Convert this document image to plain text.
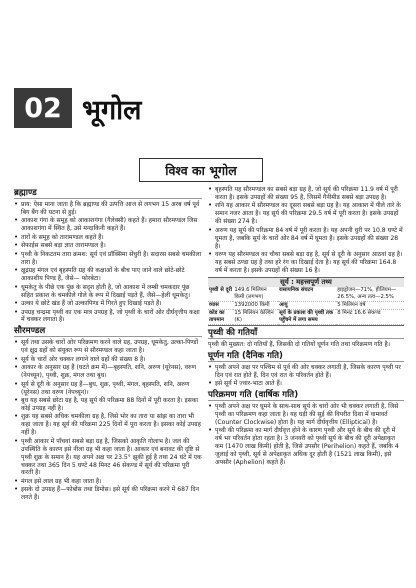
02 भूगोल
विश्व का भूगोल
ब्रह्माण्ड
• प्राय: ऐसा माना जाता है कि ब्रह्माण्ड की उत्पत्ति आज से लगभग 15 अरब वर्ष पूर्व बिग बैंग की घटना से हुई।
• आकाश गंगा के समूह को आकाशगंगा (गैलेक्सी) कहते हैं। हमारा सौरमण्डल जिस आकाशगंगा में स्थित है, उसे मन्दाकिनी कहते हैं।
• तारों के समूह को तारामण्डल कहते हैं।
• सेफाईस सबसे बड़ा ज्ञात तारामण्डल है।
• पृथ्वी के निकटतम तारा क्रमश: सूर्य एवं प्रॉक्सिमा सेंचुरी है। सदारस सबसे चमकीला तारा है।
• क्षुद्रग्रह मंगल एवं बृहस्पति ग्रह की कक्षाओं के बीच पाए जाने वाले छोटे-छोटे आकाशीय पिण्ड हैं, जैसे— फोरबेटा।
• धूमकेतु के पीछे एक पूंछ के सदृश होती है, जो आकाश में लम्बी चमकदार पूंछ सहित प्रकाश के चमकीले गोले के रूप में दिखाई पड़ते हैं, जैसे—हेली धूमकेतु।
• उल्का ये छोटे खंड हैं जो उल्कापिण्ड में गिरते हुए दिखाई पड़ते हैं।
• उपग्रह चन्द्रमा पृथ्वी का एक मात्र उपग्रह है, जो पृथ्वी के चारों ओर दीर्घवृत्तीय कक्षा में चक्कर लगाता है।
सौरमण्डल
• सूर्य तथा उसके चारों ओर परिक्रमण करने वाले ग्रह, उपग्रह, धूमकेतु, उल्का-पिण्डों एवं क्षुद्र ग्रहों को संयुक्त रूप से सौरमण्डल कहा जाता है।
• सूर्य के चारों ओर चक्कर लगाने वाले ग्रहों की संख्या 8 है।
• आकार के अनुसार ग्रह हैं (घटते क्रम में)—बृहस्पति, शनि, अरुण (यूरेनस), वरुण (नेपच्यून), पृथ्वी, शुक्र, मंगल तथा बुध।
• सूर्य से दूरी के अनुसार ग्रह हैं—बुध, शुक्र, पृथ्वी, मंगल, बृहस्पति, शनि, अरुण (यूरेनस) तथा वरुण (नेपच्यून)।
• बुध यह सबसे छोटा ग्रह है, यह सूर्य की परिक्रमा 88 दिनों में पूरी करता है। इसका कोई उपग्रह नहीं है।
• शुक्र यह सबसे अधिक चमकीला ग्रह है, जिसे भोर का तारा या सांझ का तारा भी कहा जाता है। यह सूर्य की परिक्रमा 225 दिनों में पूरा करता है। इसका कोई उपग्रह नहीं है।
• पृथ्वी आकार में पाँचवां सबसे बड़ा ग्रह है, जिसको आकृति गोलाभ है। जल की उपस्थिति के कारण इसे नीला ग्रह भी कहा जाता है। आकार एवं बनावट की दृष्टि से पृथ्वी शुक्र के समान है। यह अपने अक्ष पर 23.5° झुकी हुई है तथा 24 घंटे में एक चक्कर तथा 365 दिन 5 घण्टे 48 मिनट 46 सेकण्ड में सूर्य की परिक्रमा पूरी करती है।
• मंगल इसे लाल ग्रह भी कहा जाता है।
• इसके दो उपग्रह हैं—फोबोस तथा डिमोस। इसे सूर्य की परिक्रमा करने में 687 दिन लगते हैं।
• बृहस्पति यह सौरमण्डल का सबसे बड़ा ग्रह है, जो सूर्य की परिक्रमा 11.9 वर्ष में पूरी करता है। इसके उपग्रहों की संख्या 95 है, जिसमें गैनीमीड सबसे बड़ा उपग्रह है।
• शनि यह आकार में सौरमण्डल का दूसरा सबसे बड़ा ग्रह है। यह आकाश में पीले तारे के समान नजर आता है। यह सूर्य की परिक्रमा 29.5 वर्ष में पूरी करता है। इसके उपग्रहों की संख्या 274 है।
• अरुण यह सूर्य की परिक्रमा 84 वर्ष में पूरी करता है। यह अपनी धुरी पर 10.8 घण्टे में घूमता है, जबकि सूर्य के चारों ओर 84 वर्ष में घूमता है। इसके उपग्रहों की संख्या 28 है।
• वरुण यह सौरमण्डल का चौथा सबसे बड़ा ग्रह है, सूर्य से दूरी के अनुसार आठवां ग्रह है। यह सबसे ठण्डा ग्रह है तथा हरे रंग का दिखाई देता है। यह सूर्य की परिक्रमा 164.8 वर्ष में करता है। इसके उपग्रहों की संख्या 16 है।
सूर्य : महत्त्वपूर्ण तथ्य
पृथ्वी से दूरी	149.6 मिलियन किमी (लगभग)	रासायनिक संघटन	हाइड्रोजन—71%, हीलियम—26.5%, अन्य तत्व—2.5%
व्यास	1392000 किमी	आयु	5 मिलियन वर्ष
कोड का तापमान	15 मिलियन केल्विन (K)	सूर्य के प्रकाश की पृथ्वी तक पहुँचने में लगा समय	8 मिनट 16.6 सेकण्ड
पृथ्वी की गतियाँ
पृथ्वी की मुख्यत: दो गतियाँ हैं, जिसकी दो गतियों घूर्णन गति तथा परिक्रमण गति है।
घूर्णन गति (दैनिक गति)
• पृथ्वी अपने अक्ष पर पश्चिम से पूर्व की ओर चक्कर लगाती है, जिसके कारण पृथ्वी पर दिन एवं रात होते हैं, दिन एवं रात के परिवर्तन होते हैं।
• इसे सूर्य में ज्वार-भाटा आते हैं।
परिक्रमण गति (वार्षिक गति)
• पृथ्वी अपने अक्ष पर घूमने के साथ-साथ सूर्य के चारों ओर भी चक्कर लगाती है, जिसे पृथ्वी का परिक्रमण कहा जाता है। यह घड़ी की सुई की विपरीत दिशा में वामावर्त (Counter Clockwise) होता है। यह मार्ग दीर्घवृत्तीय (Elliptical) है।
• पृथ्वी की परिक्रमा का मार्ग दीर्घवृत्त होने के कारण पृथ्वी और सूर्य के बीच की दूरी में वर्ष भर परिवर्तन होता रहता है। 3 जनवरी को पृथ्वी सूर्य के बीच की दूरी अपेक्षाकृत कम (1470 लाख किमी) होती है, जिसे उपसौर (Perihelion) कहते हैं, जबकि 4 जुलाई को पृथ्वी, सूर्य से अपेक्षाकृत अधिक दूर होती है (1521 लाख किमी), इसे अपसौर (Aphelion) कहते हैं।
